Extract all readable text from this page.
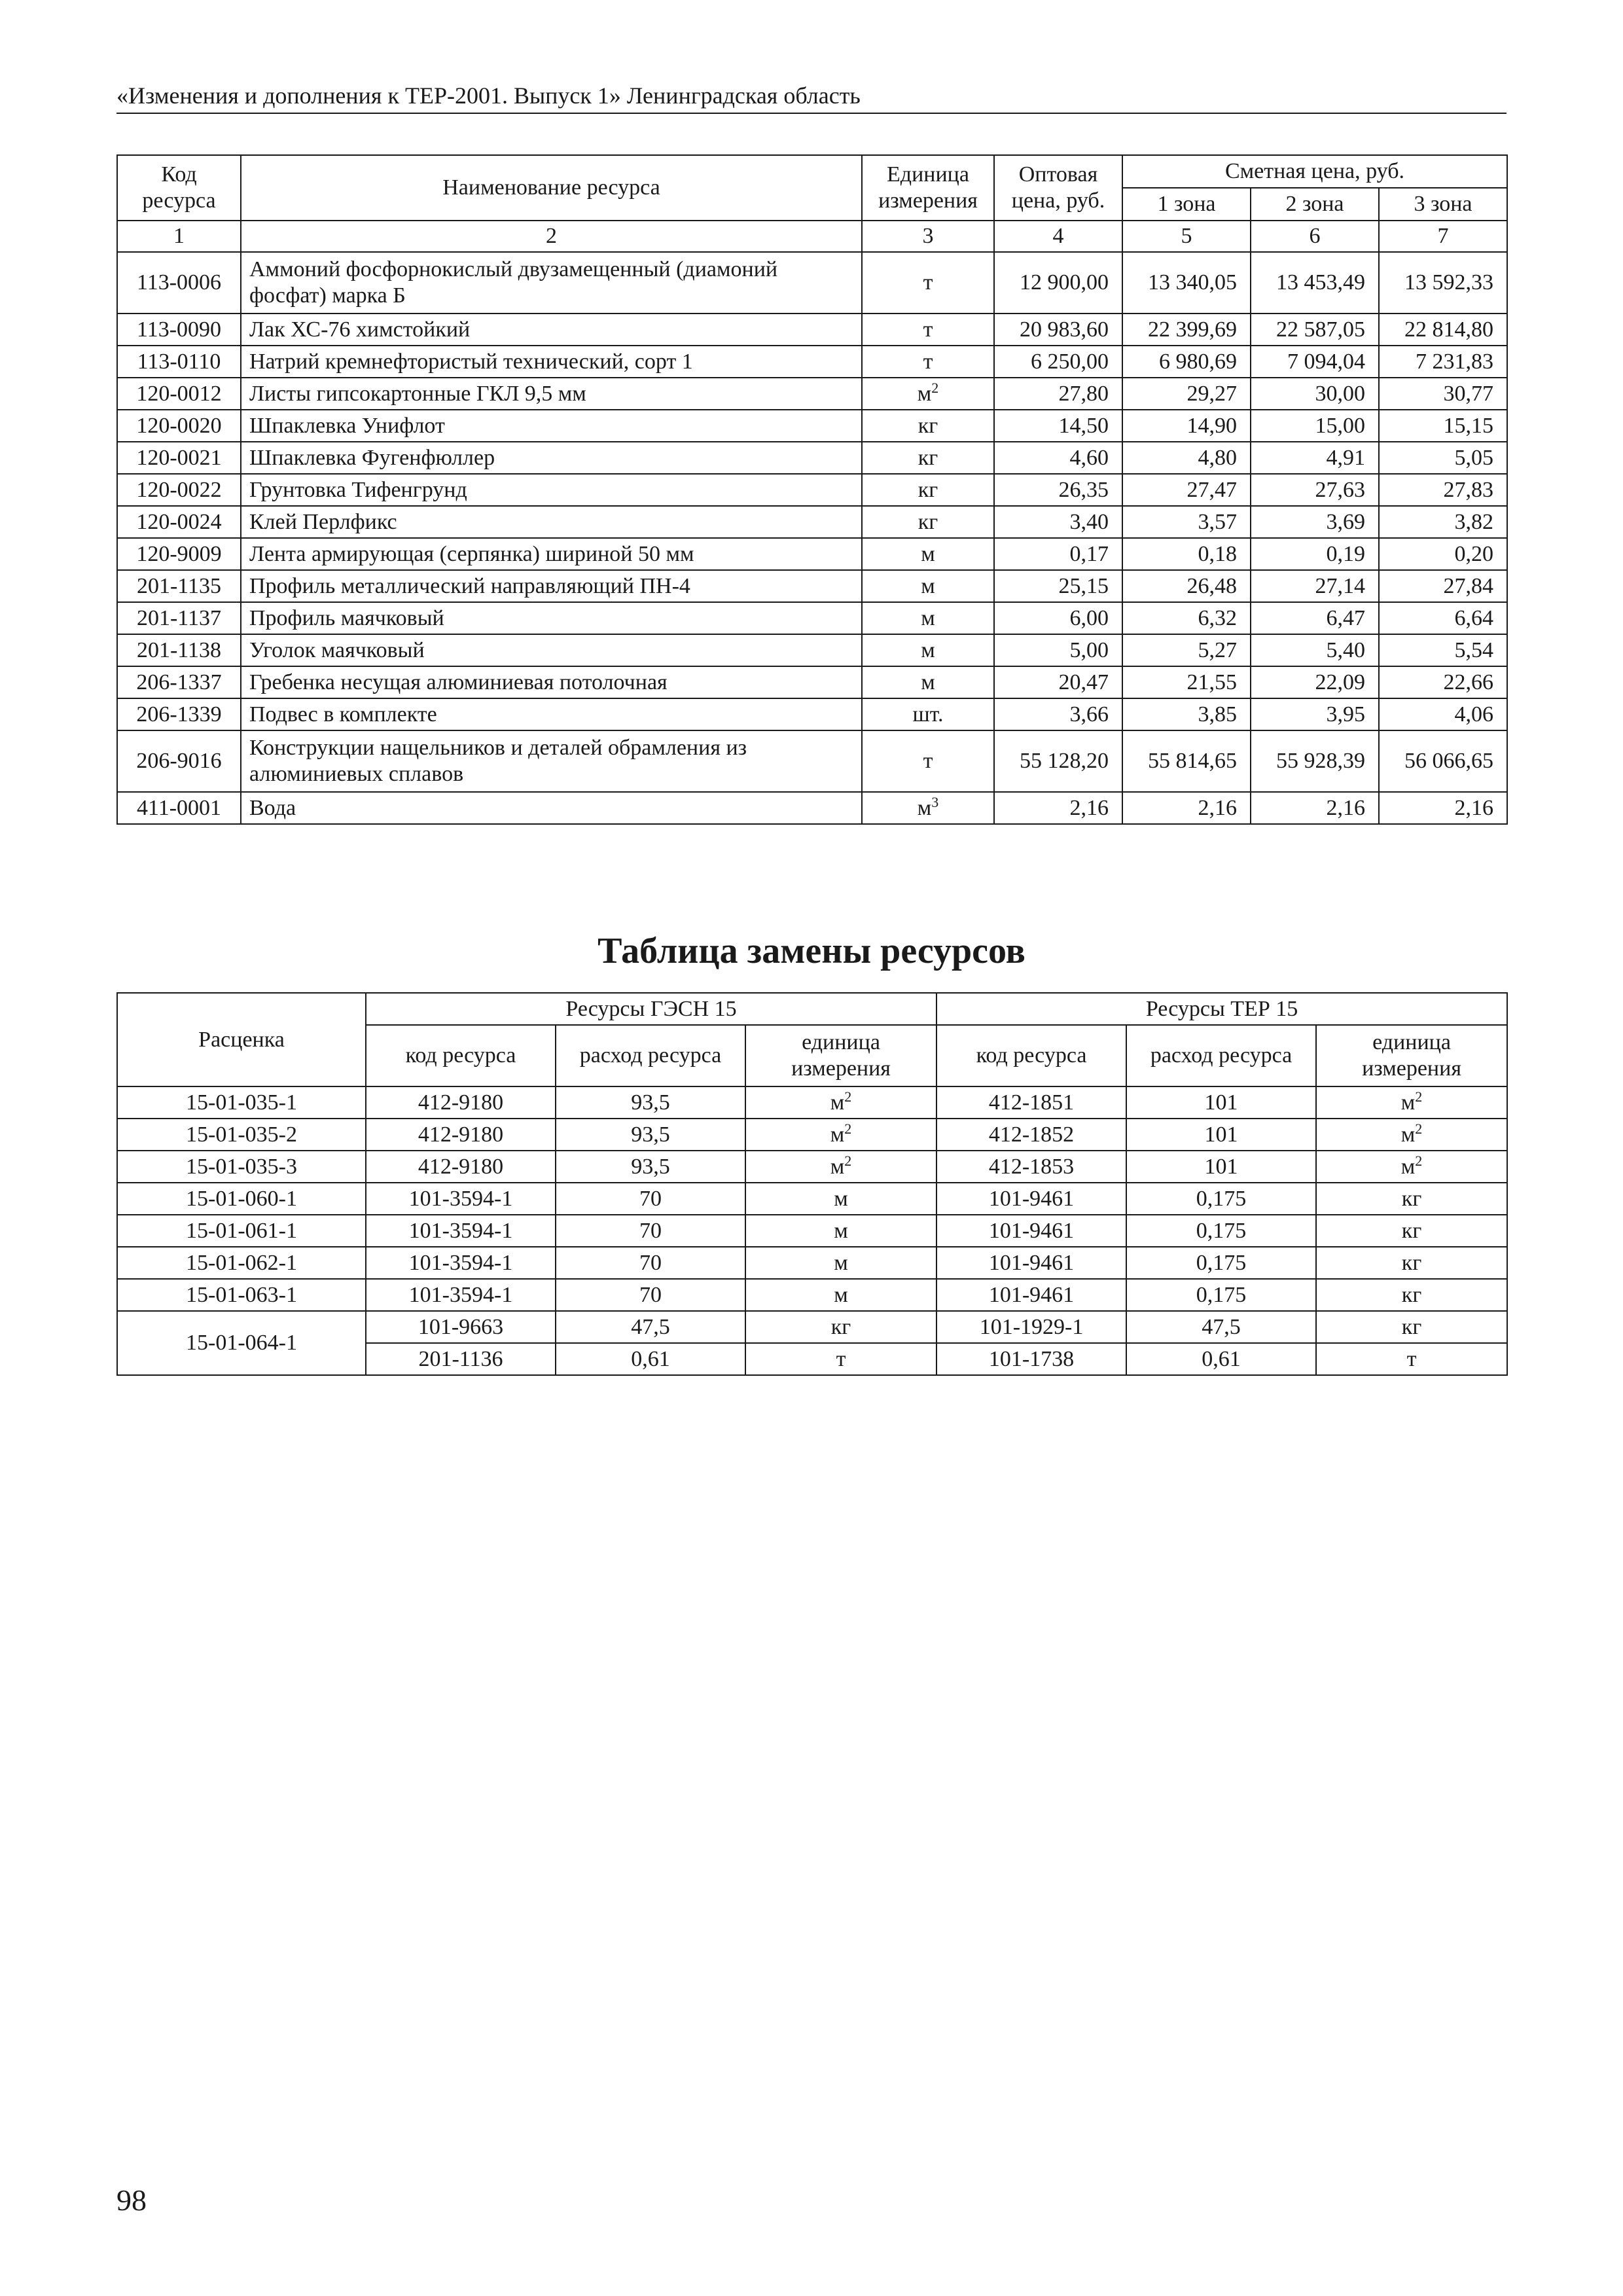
«Изменения и дополнения к ТЕР-2001. Выпуск 1» Ленинградская область
Код ресурса	Наименование ресурса	Единица измерения	Оптовая цена, руб.	Сметная цена, руб.		
				1 зона	2 зона	3 зона
1	2	3	4	5	6	7
113-0006	Аммоний фосфорнокислый двузамещенный (диамоний фосфат) марка Б	т	12 900,00	13 340,05	13 453,49	13 592,33
113-0090	Лак ХС-76 химстойкий	т	20 983,60	22 399,69	22 587,05	22 814,80
113-0110	Натрий кремнефтористый технический, сорт 1	т	6 250,00	6 980,69	7 094,04	7 231,83
120-0012	Листы гипсокартонные ГКЛ 9,5 мм	$м^2$	27,80	29,27	30,00	30,77
120-0020	Шпаклевка Унифлот	кг	14,50	14,90	15,00	15,15
120-0021	Шпаклевка Фугенфюллер	кг	4,60	4,80	4,91	5,05
120-0022	Грунтовка Тифенгрунд	кг	26,35	27,47	27,63	27,83
120-0024	Клей Перлфикс	кг	3,40	3,57	3,69	3,82
120-9009	Лента армирующая (серпянка) шириной 50 мм	м	0,17	0,18	0,19	0,20
201-1135	Профиль металлический направляющий ПН-4	м	25,15	26,48	27,14	27,84
201-1137	Профиль маячковый	м	6,00	6,32	6,47	6,64
201-1138	Уголок маячковый	м	5,00	5,27	5,40	5,54
206-1337	Гребенка несущая алюминиевая потолочная	м	20,47	21,55	22,09	22,66
206-1339	Подвес в комплекте	шт.	3,66	3,85	3,95	4,06
206-9016	Конструкции нащельников и деталей обрамления из алюминиевых сплавов	т	55 128,20	55 814,65	55 928,39	56 066,65
411-0001	Вода	$м^3$	2,16	2,16	2,16	2,16
Таблица замены ресурсов
Расценка	Ресурсы ГЭСН 15			Ресурсы ТЕР 15		
	код ресурса	расход ресурса	единица измерения	код ресурса	расход ресурса	единица измерения
15-01-035-1	412-9180	93,5	$м^2$	412-1851	101	$м^2$
15-01-035-2	412-9180	93,5	$м^2$	412-1852	101	$м^2$
15-01-035-3	412-9180	93,5	$м^2$	412-1853	101	$м^2$
15-01-060-1	101-3594-1	70	м	101-9461	0,175	кг
15-01-061-1	101-3594-1	70	м	101-9461	0,175	кг
15-01-062-1	101-3594-1	70	м	101-9461	0,175	кг
15-01-063-1	101-3594-1	70	м	101-9461	0,175	кг
15-01-064-1	101-9663	47,5	кг	101-1929-1	47,5	кг
	201-1136	0,61	т	101-1738	0,61	т
98
